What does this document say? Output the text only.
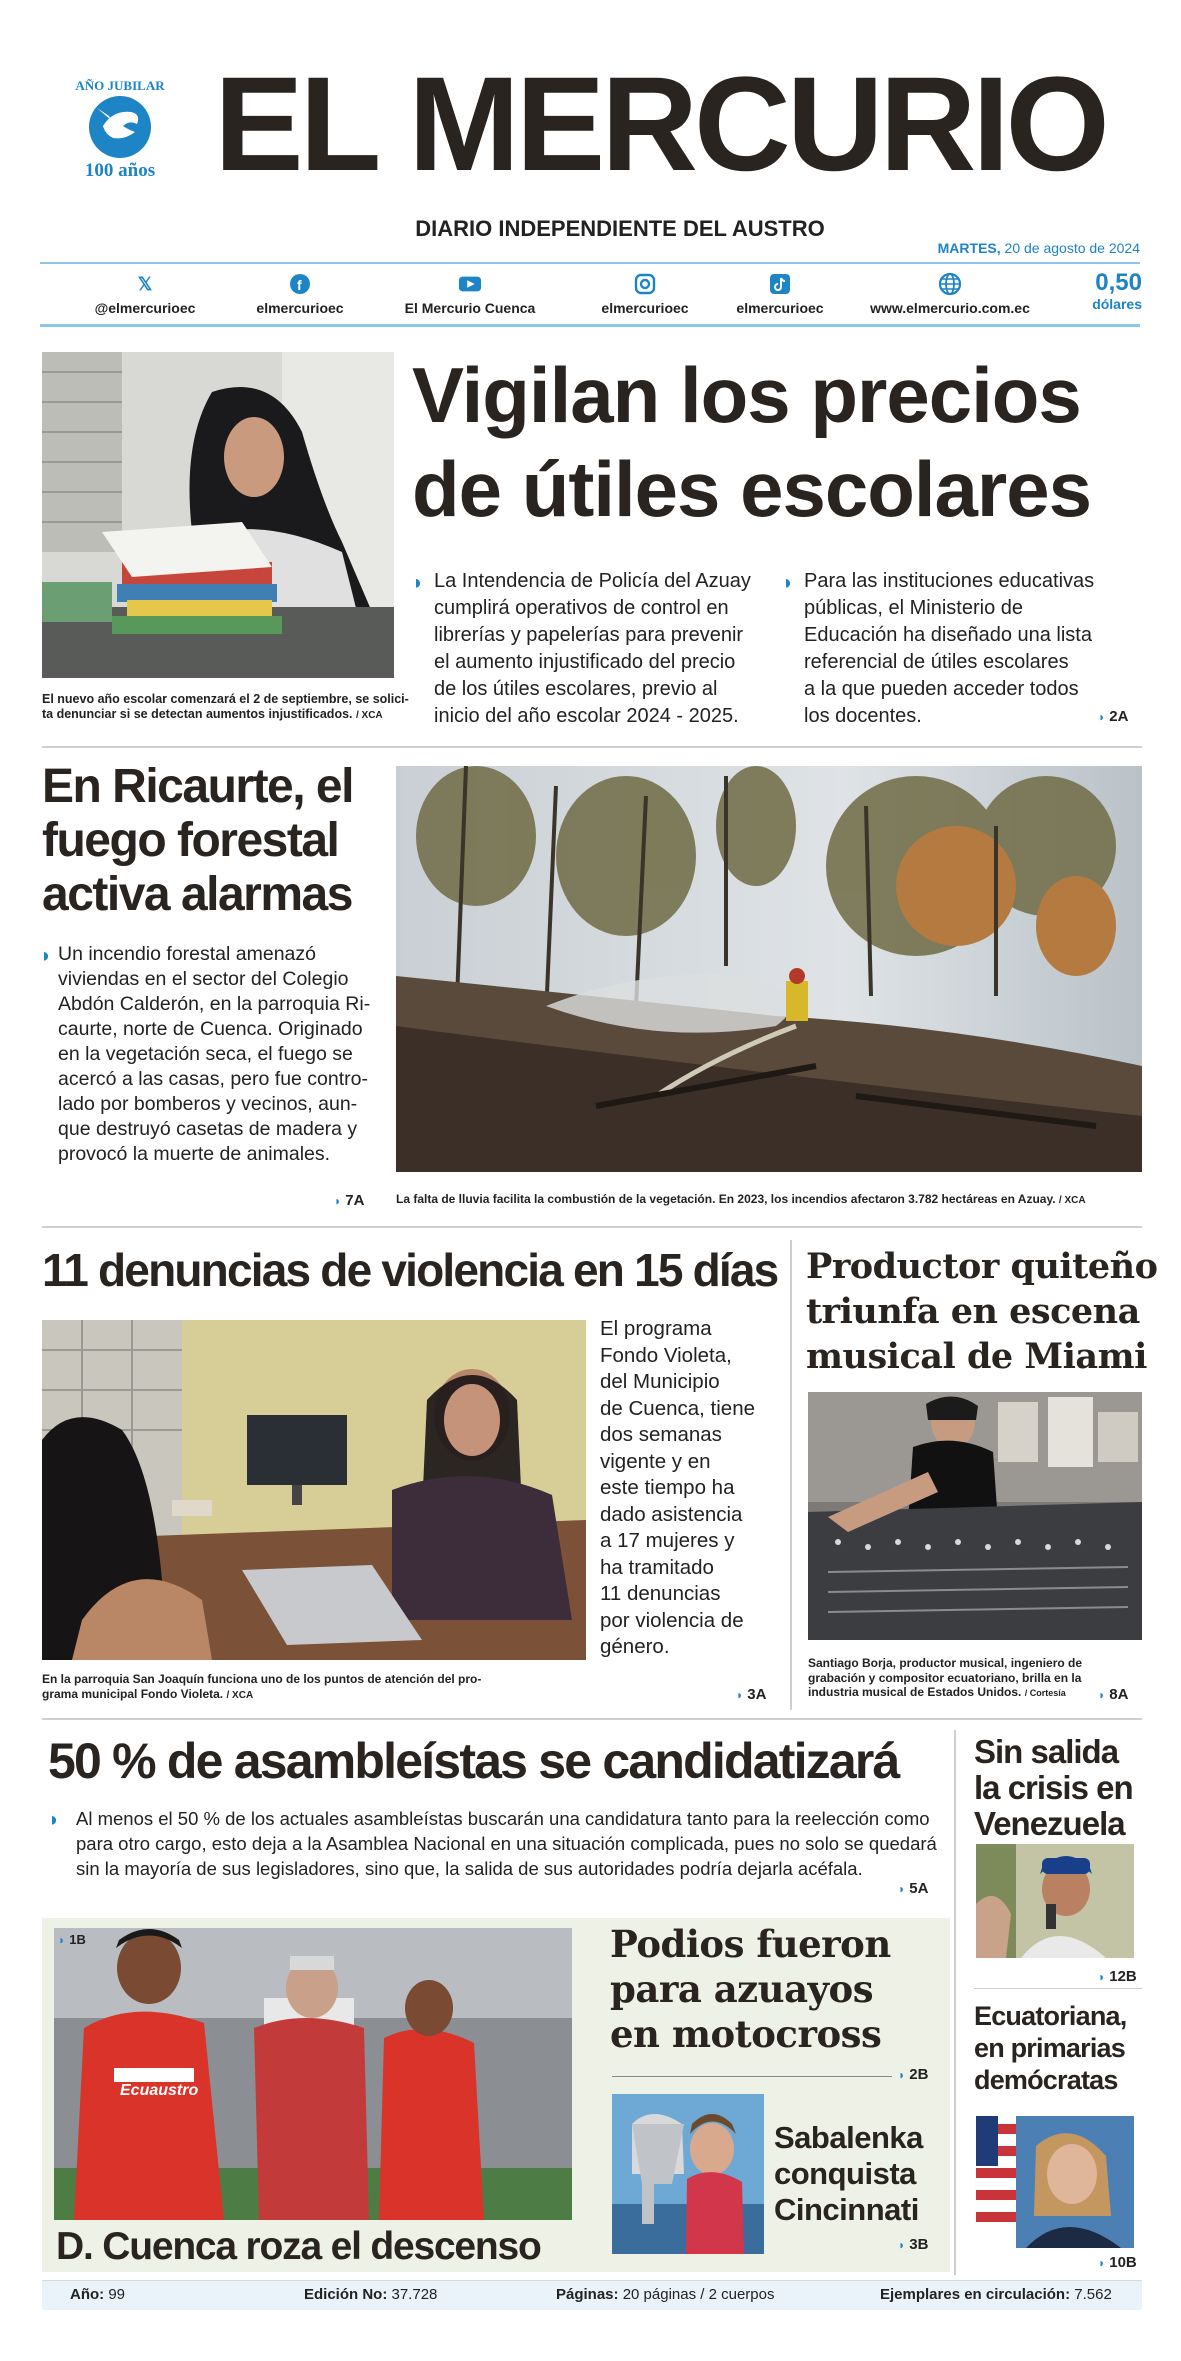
AÑO JUBILAR
100 años EL MERCURIO
DIARIO INDEPENDIENTE DEL AUSTRO
MARTES, 20 de agosto de 2024
𝕏
@elmercurioec
f
elmercurioec	El Mercurio Cuenca	elmercurioec	elmercurioec	www.elmercurio.com.ec
0,50
dólares
El nuevo año escolar comenzará el 2 de septiembre, se solici-
ta denunciar si se detectan aumentos injustificados. / XCA
Vigilan los precios
de útiles escolares
◗ La Intendencia de Policía del Azuay
cumplirá operativos de control en
librerías y papelerías para prevenir
el aumento injustificado del precio
de los útiles escolares, previo al
inicio del año escolar 2024 - 2025.
◗ Para las instituciones educativas
públicas, el Ministerio de
Educación ha diseñado una lista
referencial de útiles escolares
a la que pueden acceder todos
los docentes.	◗ 2A
En Ricaurte, el
fuego forestal
activa alarmas
◗ Un incendio forestal amenazó
viviendas en el sector del Colegio
Abdón Calderón, en la parroquia Ri-
caurte, norte de Cuenca. Originado
en la vegetación seca, el fuego se
acercó a las casas, pero fue contro-
lado por bomberos y vecinos, aun-
que destruyó casetas de madera y
provocó la muerte de animales.
◗ 7A	La falta de lluvia facilita la combustión de la vegetación. En 2023, los incendios afectaron 3.782 hectáreas en Azuay. / XCA
11 denuncias de violencia en 15 días
El programa
Fondo Violeta,
del Municipio
de Cuenca, tiene
dos semanas
vigente y en
este tiempo ha
dado asistencia
a 17 mujeres y
ha tramitado
11 denuncias
por violencia de
género.
En la parroquia San Joaquín funciona uno de los puntos de atención del pro-
grama municipal Fondo Violeta. / XCA	◗ 3A
Productor quiteño
triunfa en escena
musical de Miami
Santiago Borja, productor musical, ingeniero de
grabación y compositor ecuatoriano, brilla en la
industria musical de Estados Unidos. / Cortesía	◗ 8A
50 % de asambleístas se candidatizará
◗ Al menos el 50 % de los actuales asambleístas buscarán una candidatura tanto para la reelección como
para otro cargo, esto deja a la Asamblea Nacional en una situación complicada, pues no solo se quedará
sin la mayoría de sus legisladores, sino que, la salida de sus autoridades podría dejarla acéfala.
◗ 5A
Sin salida
la crisis en
Venezuela
◗ 12B
Ecuatoriana,
en primarias
demócratas
◗ 10B
Ecuaustro
◗ 1B
D. Cuenca roza el descenso
Podios fueron
para azuayos
en motocross
◗ 2B
Sabalenka
conquista
Cincinnati
◗ 3B
Año: 99	Edición No: 37.728	Páginas: 20 páginas / 2 cuerpos	Ejemplares en circulación: 7.562
